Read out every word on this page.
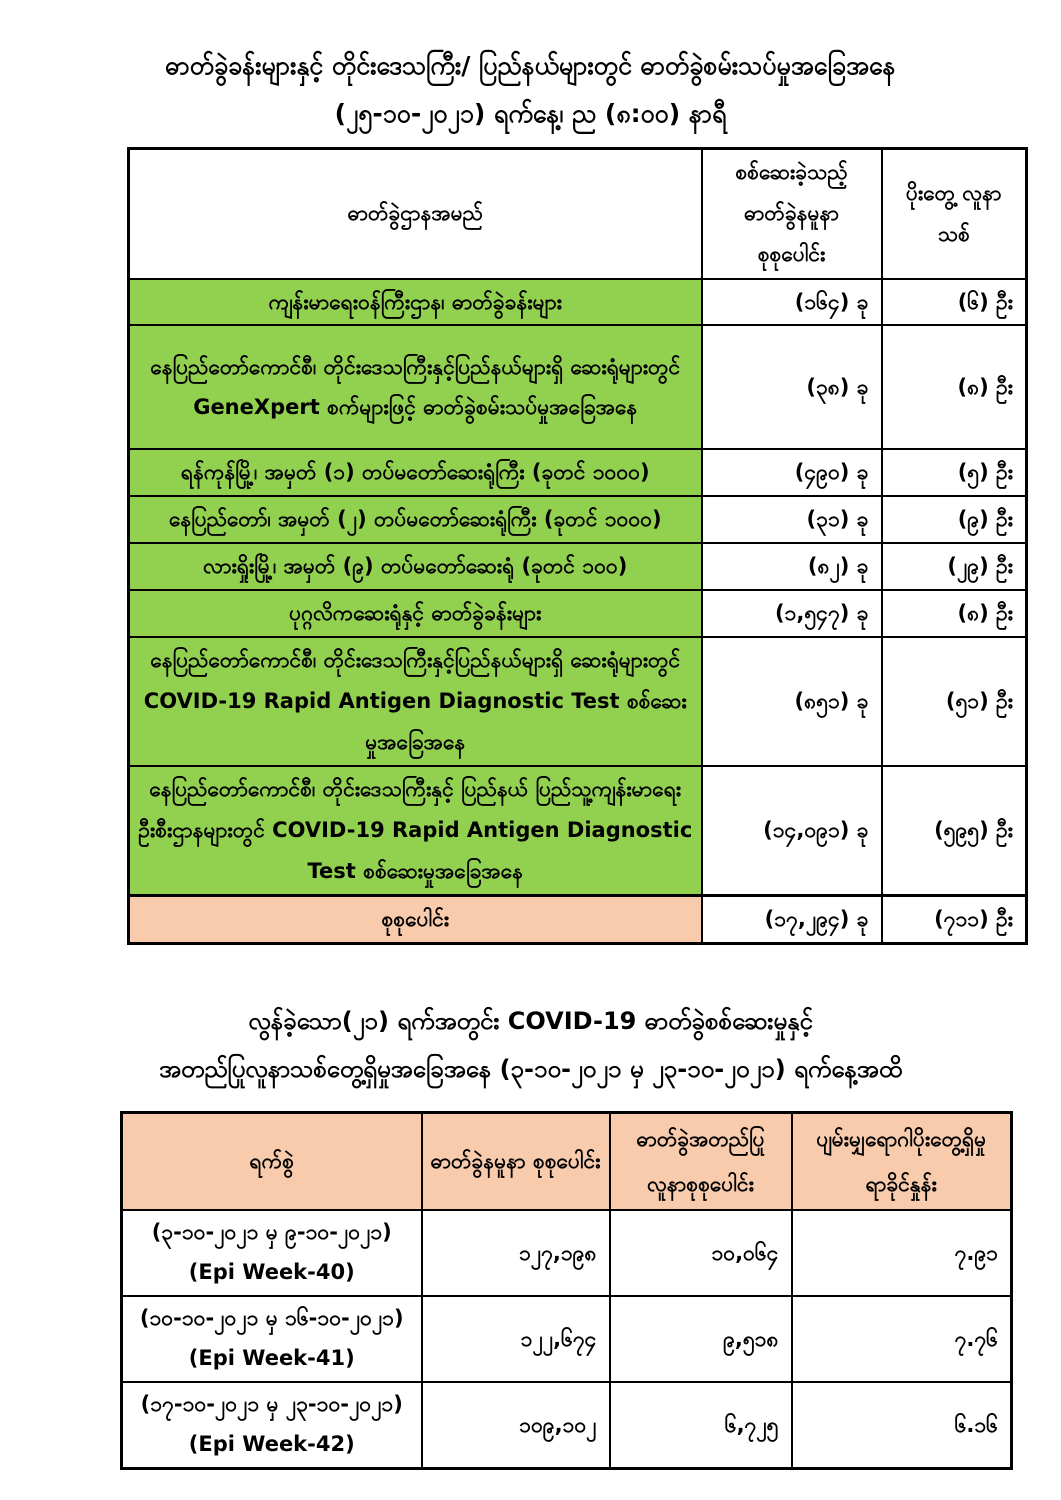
ဓာတ်ခွဲခန်းများနှင့် တိုင်းဒေသကြီး/ ပြည်နယ်များတွင် ဓာတ်ခွဲစမ်းသပ်မှုအခြေအနေ
(၂၅-၁၀-၂၀၂၁) ရက်နေ့၊ ည (၈:၀၀) နာရီ
ဓာတ်ခွဲဌာနအမည်	စစ်ဆေးခဲ့သည့် ဓာတ်ခွဲနမူနာ စုစုပေါင်း	ပိုးတွေ့ လူနာသစ်
ကျန်းမာရေးဝန်ကြီးဌာန၊ ဓာတ်ခွဲခန်းများ	(၁၆၄) ခု	(၆) ဦး
နေပြည်တော်ကောင်စီ၊ တိုင်းဒေသကြီးနှင့်ပြည်နယ်များရှိ ဆေးရုံများတွင် GeneXpert စက်များဖြင့် ဓာတ်ခွဲစမ်းသပ်မှုအခြေအနေ	(၃၈) ခု	(၈) ဦး
ရန်ကုန်မြို့၊ အမှတ် (၁) တပ်မတော်ဆေးရုံကြီး (ခုတင် ၁၀၀၀)	(၄၉၀) ခု	(၅) ဦး
နေပြည်တော်၊ အမှတ် (၂) တပ်မတော်ဆေးရုံကြီး (ခုတင် ၁၀၀၀)	(၃၁) ခု	(၉) ဦး
လားရှိုးမြို့၊ အမှတ် (၉) တပ်မတော်ဆေးရုံ (ခုတင် ၁၀၀)	(၈၂) ခု	(၂၉) ဦး
ပုဂ္ဂလိကဆေးရုံနှင့် ဓာတ်ခွဲခန်းများ	(၁,၅၄၇) ခု	(၈) ဦး
နေပြည်တော်ကောင်စီ၊ တိုင်းဒေသကြီးနှင့်ပြည်နယ်များရှိ ဆေးရုံများတွင် COVID-19 Rapid Antigen Diagnostic Test စစ်ဆေးမှုအခြေအနေ	(၈၅၁) ခု	(၅၁) ဦး
နေပြည်တော်ကောင်စီ၊ တိုင်းဒေသကြီးနှင့် ပြည်နယ် ပြည်သူ့ကျန်းမာရေးဦးစီးဌာနများတွင် COVID-19 Rapid Antigen Diagnostic Test စစ်ဆေးမှုအခြေအနေ	(၁၄,၀၉၁) ခု	(၅၉၅) ဦး
စုစုပေါင်း	(၁၇,၂၉၄) ခု	(၇၁၁) ဦး
လွန်ခဲ့သော(၂၁) ရက်အတွင်း COVID-19 ဓာတ်ခွဲစစ်ဆေးမှုနှင့်
အတည်ပြုလူနာသစ်တွေ့ရှိမှုအခြေအနေ (၃-၁၀-၂၀၂၁ မှ ၂၃-၁၀-၂၀၂၁) ရက်နေ့အထိ
ရက်စွဲ	ဓာတ်ခွဲနမူနာ စုစုပေါင်း	ဓာတ်ခွဲအတည်ပြု လူနာစုစုပေါင်း	ပျမ်းမျှရောဂါပိုးတွေ့ရှိမှု ရာခိုင်နှုန်း

(၃-၁၀-၂၀၂၁ မှ ၉-၁၀-၂၀၂၁)
(Epi Week-40)	၁၂၇,၁၉၈	၁၀,၀၆၄	၇.၉၁

(၁၀-၁၀-၂၀၂၁ မှ ၁၆-၁၀-၂၀၂၁)
(Epi Week-41)	၁၂၂,၆၇၄	၉,၅၁၈	၇.၇၆

(၁၇-၁၀-၂၀၂၁ မှ ၂၃-၁၀-၂၀၂၁)
(Epi Week-42)	၁၀၉,၁၀၂	၆,၇၂၅	၆.၁၆
